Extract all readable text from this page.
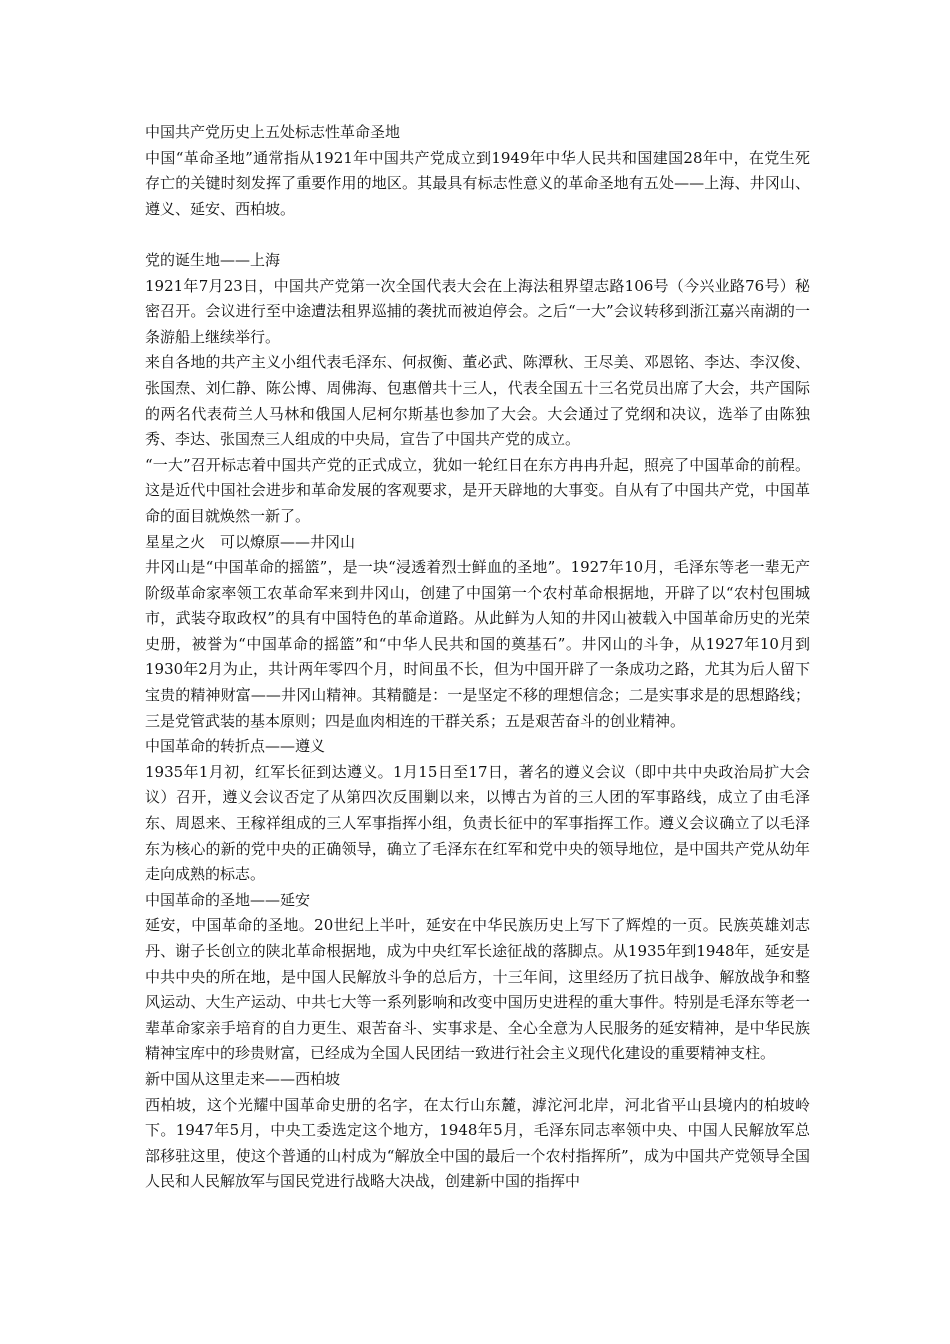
中国共产党历史上五处标志性革命圣地

中国“革命圣地”通常指从1921年中国共产党成立到1949年中华人民共和国建国28年中，在党生死存亡的关键时刻发挥了重要作用的地区。其最具有标志性意义的革命圣地有五处——上海、井冈山、遵义、延安、西柏坡。

党的诞生地——上海

1921年7月23日，中国共产党第一次全国代表大会在上海法租界望志路106号（今兴业路76号）秘密召开。会议进行至中途遭法租界巡捕的袭扰而被迫停会。之后“一大”会议转移到浙江嘉兴南湖的一条游船上继续举行。

来自各地的共产主义小组代表毛泽东、何叔衡、董必武、陈潭秋、王尽美、邓恩铭、李达、李汉俊、张国焘、刘仁静、陈公博、周佛海、包惠僧共十三人，代表全国五十三名党员出席了大会，共产国际的两名代表荷兰人马林和俄国人尼柯尔斯基也参加了大会。大会通过了党纲和决议，选举了由陈独秀、李达、张国焘三人组成的中央局，宣告了中国共产党的成立。

“一大”召开标志着中国共产党的正式成立，犹如一轮红日在东方冉冉升起，照亮了中国革命的前程。这是近代中国社会进步和革命发展的客观要求，是开天辟地的大事变。自从有了中国共产党，中国革命的面目就焕然一新了。

星星之火　可以燎原——井冈山

井冈山是“中国革命的摇篮”，是一块“浸透着烈士鲜血的圣地”。1927年10月，毛泽东等老一辈无产阶级革命家率领工农革命军来到井冈山，创建了中国第一个农村革命根据地，开辟了以“农村包围城市，武装夺取政权”的具有中国特色的革命道路。从此鲜为人知的井冈山被载入中国革命历史的光荣史册，被誉为“中国革命的摇篮”和“中华人民共和国的奠基石”。井冈山的斗争，从1927年10月到1930年2月为止，共计两年零四个月，时间虽不长，但为中国开辟了一条成功之路，尤其为后人留下宝贵的精神财富——井冈山精神。其精髓是：一是坚定不移的理想信念；二是实事求是的思想路线；三是党管武装的基本原则；四是血肉相连的干群关系；五是艰苦奋斗的创业精神。

中国革命的转折点——遵义

1935年1月初，红军长征到达遵义。1月15日至17日，著名的遵义会议（即中共中央政治局扩大会议）召开，遵义会议否定了从第四次反围剿以来，以博古为首的三人团的军事路线，成立了由毛泽东、周恩来、王稼祥组成的三人军事指挥小组，负责长征中的军事指挥工作。遵义会议确立了以毛泽东为核心的新的党中央的正确领导，确立了毛泽东在红军和党中央的领导地位，是中国共产党从幼年走向成熟的标志。

中国革命的圣地——延安

延安，中国革命的圣地。20世纪上半叶，延安在中华民族历史上写下了辉煌的一页。民族英雄刘志丹、谢子长创立的陕北革命根据地，成为中央红军长途征战的落脚点。从1935年到1948年，延安是中共中央的所在地，是中国人民解放斗争的总后方，十三年间，这里经历了抗日战争、解放战争和整风运动、大生产运动、中共七大等一系列影响和改变中国历史进程的重大事件。特别是毛泽东等老一辈革命家亲手培育的自力更生、艰苦奋斗、实事求是、全心全意为人民服务的延安精神，是中华民族精神宝库中的珍贵财富，已经成为全国人民团结一致进行社会主义现代化建设的重要精神支柱。

新中国从这里走来——西柏坡

西柏坡，这个光耀中国革命史册的名字，在太行山东麓，滹沱河北岸，河北省平山县境内的柏坡岭下。1947年5月，中央工委选定这个地方，1948年5月，毛泽东同志率领中央、中国人民解放军总部移驻这里，使这个普通的山村成为“解放全中国的最后一个农村指挥所”，成为中国共产党领导全国人民和人民解放军与国民党进行战略大决战，创建新中国的指挥中
